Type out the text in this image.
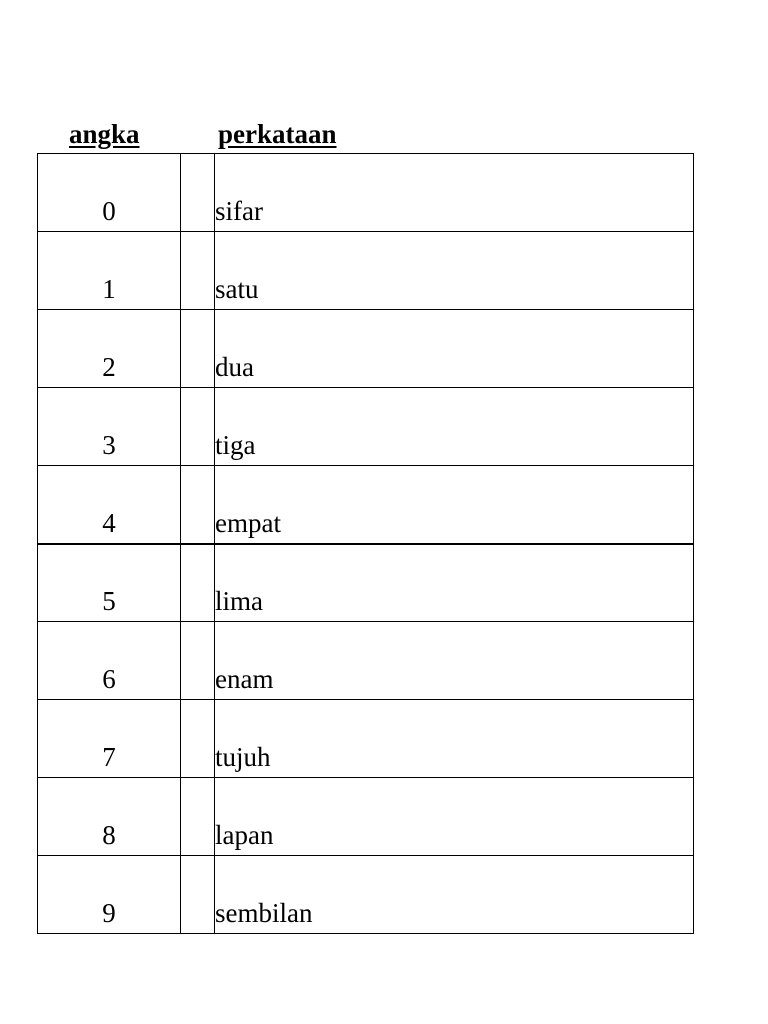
angka	perkataan
0		sifar
1		satu
2		dua
3		tiga
4		empat
5		lima
6		enam
7		tujuh
8		lapan
9		sembilan
